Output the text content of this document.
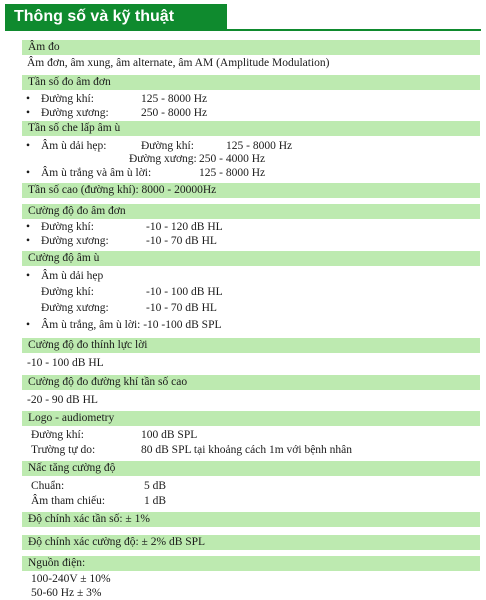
Thông số và kỹ thuật
Âm đo
Âm đơn, âm xung, âm alternate, âm AM (Amplitude Modulation)
Tần số đo âm đơn
• Đường khí:	125 - 8000 Hz
• Đường xương:	250 - 8000 Hz
Tần số che lấp âm ù
• Âm ù dải hẹp:	Đường khí:	125 - 8000 Hz
Đường xương: 250 - 4000 Hz
• Âm ù trắng và âm ù lời:	125 - 8000 Hz
Tần số cao (đường khí): 8000 - 20000Hz
Cường độ đo âm đơn
• Đường khí:	-10 - 120 dB HL
• Đường xương:	-10 - 70 dB HL
Cường độ âm ù
• Âm ù dải hẹp
Đường khí:	-10 - 100 dB HL
Đường xương:	-10 - 70 dB HL
• Âm ù trắng, âm ù lời: -10 -100 dB SPL
Cường độ đo thính lực lời
-10 - 100 dB HL
Cường độ đo đường khí tần số cao
-20 - 90 dB HL
Logo - audiometry
Đường khí:	100 dB SPL
Trường tự do:	80 dB SPL tại khoảng cách 1m với bệnh nhân
Nấc tăng cường độ
Chuẩn:	5 dB
Âm tham chiếu:	1 dB
Độ chính xác tần số: ± 1%
Độ chính xác cường độ: ± 2% dB SPL
Nguồn điện:
100-240V ± 10%
50-60 Hz ± 3%
